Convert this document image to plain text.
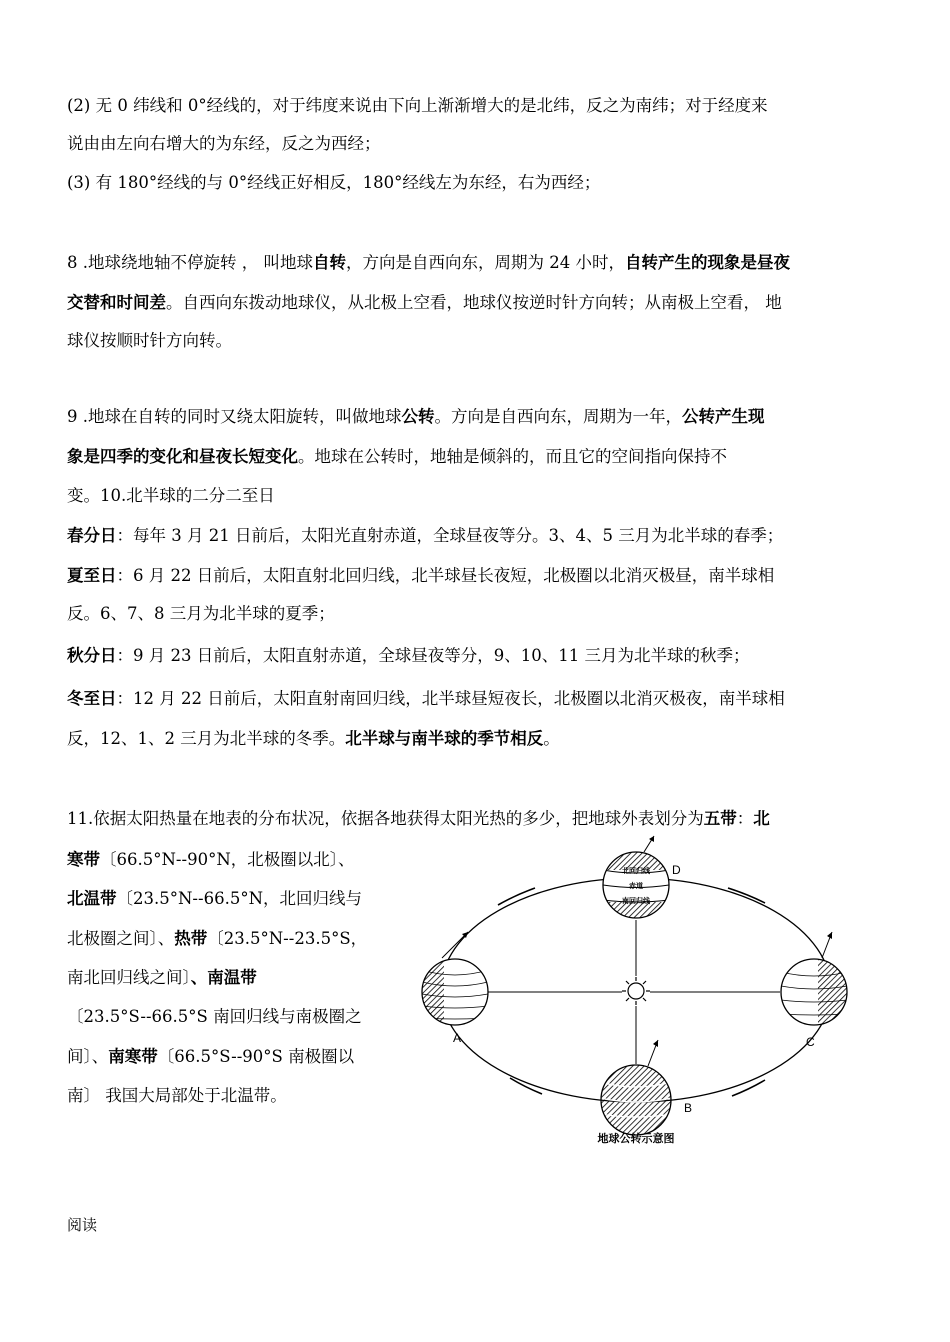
(2) 无 0 纬线和 0°经线的，对于纬度来说由下向上渐渐增大的是北纬，反之为南纬；对于经度来
说由由左向右增大的为东经，反之为西经；
(3) 有 180°经线的与 0°经线正好相反，180°经线左为东经，右为西经；
8 .地球绕地轴不停旋转 ， 叫地球自转，方向是自西向东，周期为 24 小时，自转产生的现象是昼夜
交替和时间差。自西向东拨动地球仪，从北极上空看，地球仪按逆时针方向转；从南极上空看， 地
球仪按顺时针方向转。
9 .地球在自转的同时又绕太阳旋转，叫做地球公转。方向是自西向东，周期为一年，公转产生现
象是四季的变化和昼夜长短变化。地球在公转时，地轴是倾斜的，而且它的空间指向保持不
变。10.北半球的二分二至日
春分日：每年 3 月 21 日前后，太阳光直射赤道，全球昼夜等分。3、4、5 三月为北半球的春季；
夏至日：6 月 22 日前后，太阳直射北回归线，北半球昼长夜短，北极圈以北消灭极昼，南半球相
反。6、7、8 三月为北半球的夏季；
秋分日：9 月 23 日前后，太阳直射赤道，全球昼夜等分，9、10、11 三月为北半球的秋季；
冬至日：12 月 22 日前后，太阳直射南回归线，北半球昼短夜长，北极圈以北消灭极夜，南半球相
反，12、1、2 三月为北半球的冬季。北半球与南半球的季节相反。
11.依据太阳热量在地表的分布状况，依据各地获得太阳光热的多少，把地球外表划分为五带：北
寒带〔66.5°N--90°N，北极圈以北〕、
北温带〔23.5°N--66.5°N，北回归线与
北极圈之间〕、热带〔23.5°N--23.5°S，
南北回归线之间〕、南温带
〔23.5°S--66.5°S 南回归线与南极圈之
间〕、南寒带〔66.5°S--90°S 南极圈以
南〕 我国大局部处于北温带。
北回归线
赤道
南回归线
A
B
C
D
地球公转示意图
阅读
